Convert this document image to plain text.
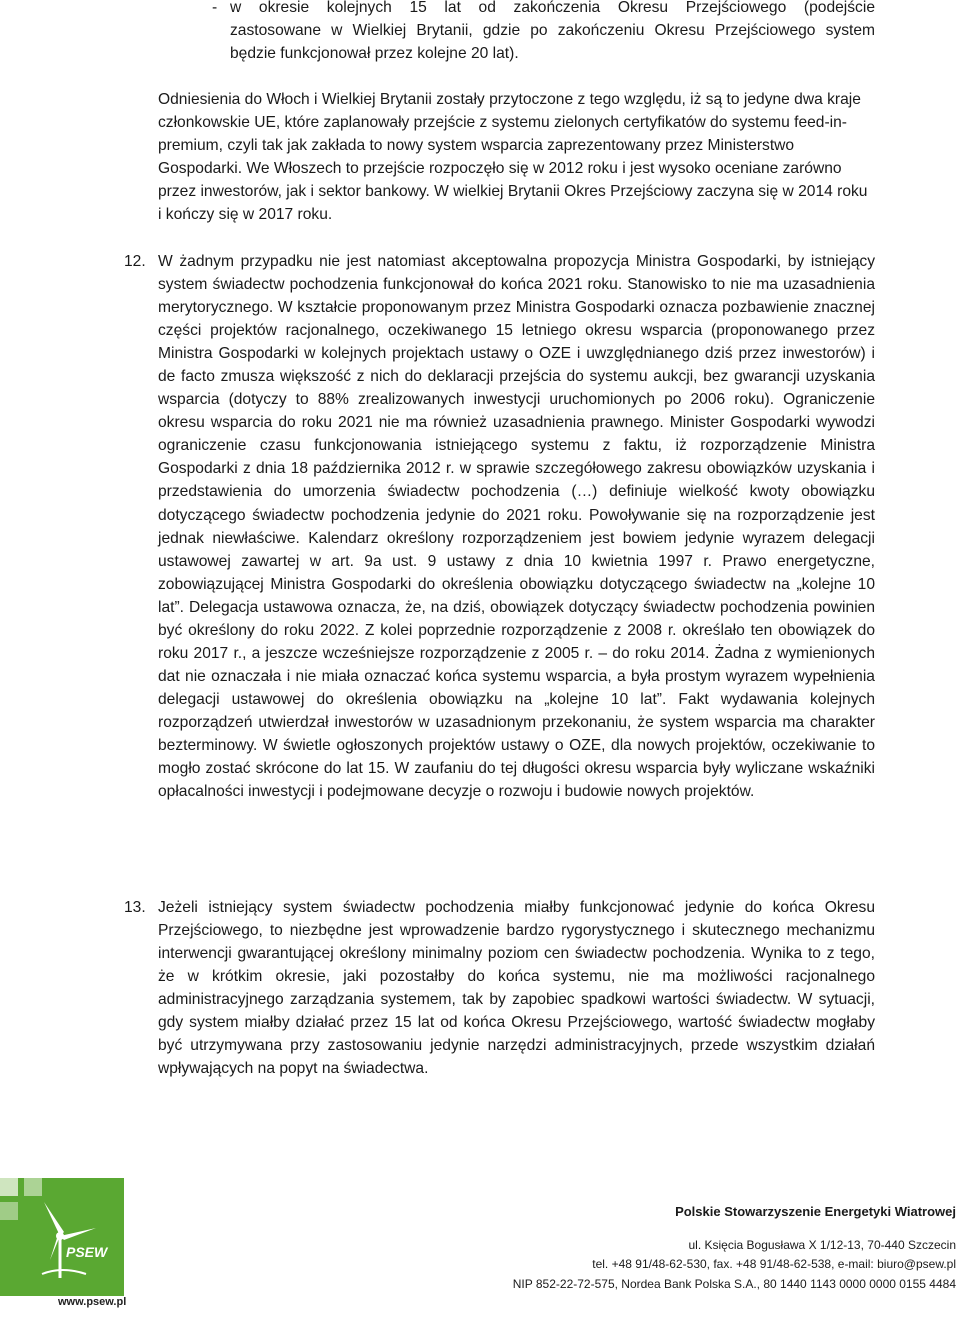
- w okresie kolejnych 15 lat od zakończenia Okresu Przejściowego (podejście
zastosowane w Wielkiej Brytanii, gdzie po zakończeniu Okresu Przejściowego system
będzie funkcjonował przez kolejne 20 lat).

Odniesienia do Włoch i Wielkiej Brytanii zostały przytoczone z tego względu, iż są to jedyne dwa kraje członkowskie UE, które zaplanowały przejście z systemu zielonych certyfikatów do systemu feed-in-premium, czyli tak jak zakłada to nowy system wsparcia zaprezentowany przez Ministerstwo Gospodarki. We Włoszech to przejście rozpoczęło się w 2012 roku i jest wysoko oceniane zarówno przez inwestorów, jak i sektor bankowy. W wielkiej Brytanii Okres Przejściowy zaczyna się w 2014 roku i kończy się w 2017 roku.

12. W żadnym przypadku nie jest natomiast akceptowalna propozycja Ministra Gospodarki, by istniejący system świadectw pochodzenia funkcjonował do końca 2021 roku. Stanowisko to nie ma uzasadnienia merytorycznego. W kształcie proponowanym przez Ministra Gospodarki oznacza pozbawienie znacznej części projektów racjonalnego, oczekiwanego 15 letniego okresu wsparcia (proponowanego przez Ministra Gospodarki w kolejnych projektach ustawy o OZE i uwzględnianego dziś przez inwestorów) i de facto zmusza większość z nich do deklaracji przejścia do systemu aukcji, bez gwarancji uzyskania wsparcia (dotyczy to 88% zrealizowanych inwestycji uruchomionych po 2006 roku). Ograniczenie okresu wsparcia do roku 2021 nie ma również uzasadnienia prawnego. Minister Gospodarki wywodzi ograniczenie czasu funkcjonowania istniejącego systemu z faktu, iż rozporządzenie Ministra Gospodarki z dnia 18 października 2012 r. w sprawie szczegółowego zakresu obowiązków uzyskania i przedstawienia do umorzenia świadectw pochodzenia (…) definiuje wielkość kwoty obowiązku dotyczącego świadectw pochodzenia jedynie do 2021 roku. Powoływanie się na rozporządzenie jest jednak niewłaściwe. Kalendarz określony rozporządzeniem jest bowiem jedynie wyrazem delegacji ustawowej zawartej w art. 9a ust. 9 ustawy z dnia 10 kwietnia 1997 r. Prawo energetyczne, zobowiązującej Ministra Gospodarki do określenia obowiązku dotyczącego świadectw na „kolejne 10 lat”. Delegacja ustawowa oznacza, że, na dziś, obowiązek dotyczący świadectw pochodzenia powinien być określony do roku 2022. Z kolei poprzednie rozporządzenie z 2008 r. określało ten obowiązek do roku 2017 r., a jeszcze wcześniejsze rozporządzenie z 2005 r. – do roku 2014. Żadna z wymienionych dat nie oznaczała i nie miała oznaczać końca systemu wsparcia, a była prostym wyrazem wypełnienia delegacji ustawowej do określenia obowiązku na „kolejne 10 lat”. Fakt wydawania kolejnych rozporządzeń utwierdzał inwestorów w uzasadnionym przekonaniu, że system wsparcia ma charakter bezterminowy. W świetle ogłoszonych projektów ustawy o OZE, dla nowych projektów, oczekiwanie to mogło zostać skrócone do lat 15. W zaufaniu do tej długości okresu wsparcia były wyliczane wskaźniki opłacalności inwestycji i podejmowane decyzje o rozwoju i budowie nowych projektów.

13. Jeżeli istniejący system świadectw pochodzenia miałby funkcjonować jedynie do końca Okresu Przejściowego, to niezbędne jest wprowadzenie bardzo rygorystycznego i skutecznego mechanizmu interwencji gwarantującej określony minimalny poziom cen świadectw pochodzenia. Wynika to z tego, że w krótkim okresie, jaki pozostałby do końca systemu, nie ma możliwości racjonalnego administracyjnego zarządzania systemem, tak by zapobiec spadkowi wartości świadectw. W sytuacji, gdy system miałby działać przez 15 lat od końca Okresu Przejściowego, wartość świadectw mogłaby być utrzymywana przy zastosowaniu jedynie narzędzi administracyjnych, przede wszystkim działań wpływających na popyt na świadectwa.

PSEW
www.psew.pl
Polskie Stowarzyszenie Energetyki Wiatrowej
ul. Księcia Bogusława X 1/12-13, 70-440 Szczecin
tel. +48 91/48-62-530, fax. +48 91/48-62-538, e-mail: biuro@psew.pl
NIP 852-22-72-575, Nordea Bank Polska S.A., 80 1440 1143 0000 0000 0155 4484
